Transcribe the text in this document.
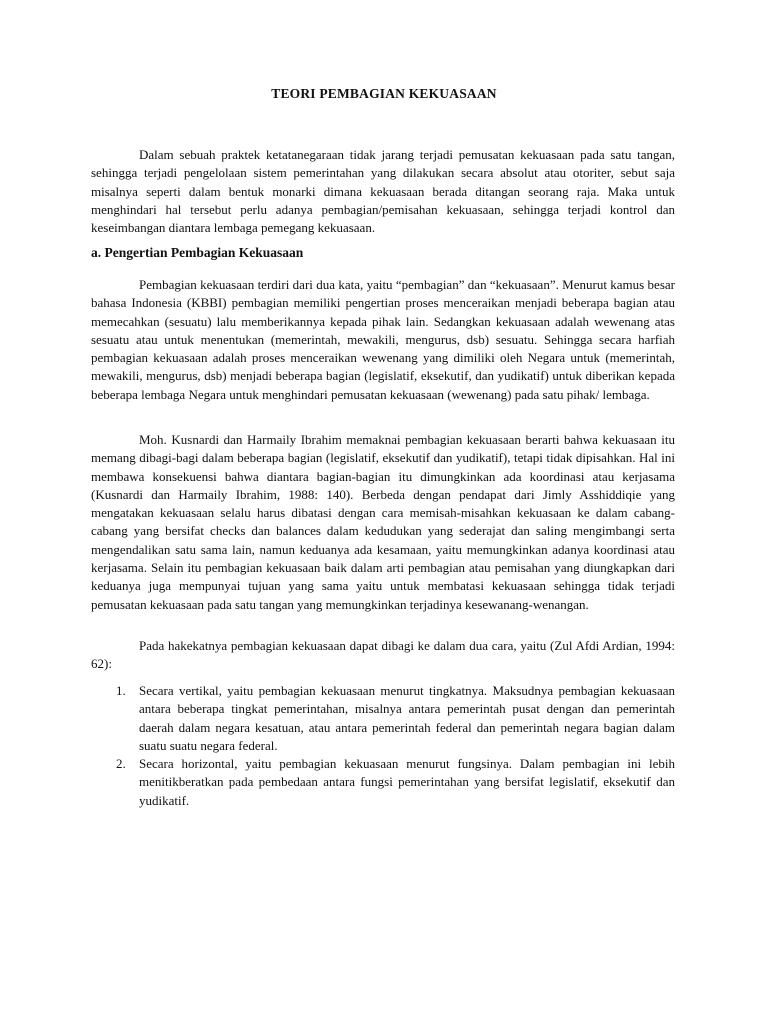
TEORI PEMBAGIAN KEKUASAAN

Dalam sebuah praktek ketatanegaraan tidak jarang terjadi pemusatan kekuasaan pada satu tangan, sehingga terjadi pengelolaan sistem pemerintahan yang dilakukan secara absolut atau otoriter, sebut saja misalnya seperti dalam bentuk monarki dimana kekuasaan berada ditangan seorang raja. Maka untuk menghindari hal tersebut perlu adanya pembagian/pemisahan kekuasaan, sehingga terjadi kontrol dan keseimbangan diantara lembaga pemegang kekuasaan.

a. Pengertian Pembagian Kekuasaan

Pembagian kekuasaan terdiri dari dua kata, yaitu “pembagian” dan “kekuasaan”. Menurut kamus besar bahasa Indonesia (KBBI) pembagian memiliki pengertian proses menceraikan menjadi beberapa bagian atau memecahkan (sesuatu) lalu memberikannya kepada pihak lain. Sedangkan kekuasaan adalah wewenang atas sesuatu atau untuk menentukan (memerintah, mewakili, mengurus, dsb) sesuatu. Sehingga secara harfiah pembagian kekuasaan adalah proses menceraikan wewenang yang dimiliki oleh Negara untuk (memerintah, mewakili, mengurus, dsb) menjadi beberapa bagian (legislatif, eksekutif, dan yudikatif) untuk diberikan kepada beberapa lembaga Negara untuk menghindari pemusatan kekuasaan (wewenang) pada satu pihak/ lembaga.

Moh. Kusnardi dan Harmaily Ibrahim memaknai pembagian kekuasaan berarti bahwa kekuasaan itu memang dibagi-bagi dalam beberapa bagian (legislatif, eksekutif dan yudikatif), tetapi tidak dipisahkan. Hal ini membawa konsekuensi bahwa diantara bagian-bagian itu dimungkinkan ada koordinasi atau kerjasama (Kusnardi dan Harmaily Ibrahim, 1988: 140). Berbeda dengan pendapat dari Jimly Asshiddiqie yang mengatakan kekuasaan selalu harus dibatasi dengan cara memisah-misahkan kekuasaan ke dalam cabang-cabang yang bersifat checks dan balances dalam kedudukan yang sederajat dan saling mengimbangi serta mengendalikan satu sama lain, namun keduanya ada kesamaan, yaitu memungkinkan adanya koordinasi atau kerjasama. Selain itu pembagian kekuasaan baik dalam arti pembagian atau pemisahan yang diungkapkan dari keduanya juga mempunyai tujuan yang sama yaitu untuk membatasi kekuasaan sehingga tidak terjadi pemusatan kekuasaan pada satu tangan yang memungkinkan terjadinya kesewanang-wenangan.

Pada hakekatnya pembagian kekuasaan dapat dibagi ke dalam dua cara, yaitu (Zul Afdi Ardian, 1994: 62):

1. Secara vertikal, yaitu pembagian kekuasaan menurut tingkatnya. Maksudnya pembagian kekuasaan antara beberapa tingkat pemerintahan, misalnya antara pemerintah pusat dengan dan pemerintah daerah dalam negara kesatuan, atau antara pemerintah federal dan pemerintah negara bagian dalam suatu suatu negara federal.
2. Secara horizontal, yaitu pembagian kekuasaan menurut fungsinya. Dalam pembagian ini lebih menitikberatkan pada pembedaan antara fungsi pemerintahan yang bersifat legislatif, eksekutif dan yudikatif.
